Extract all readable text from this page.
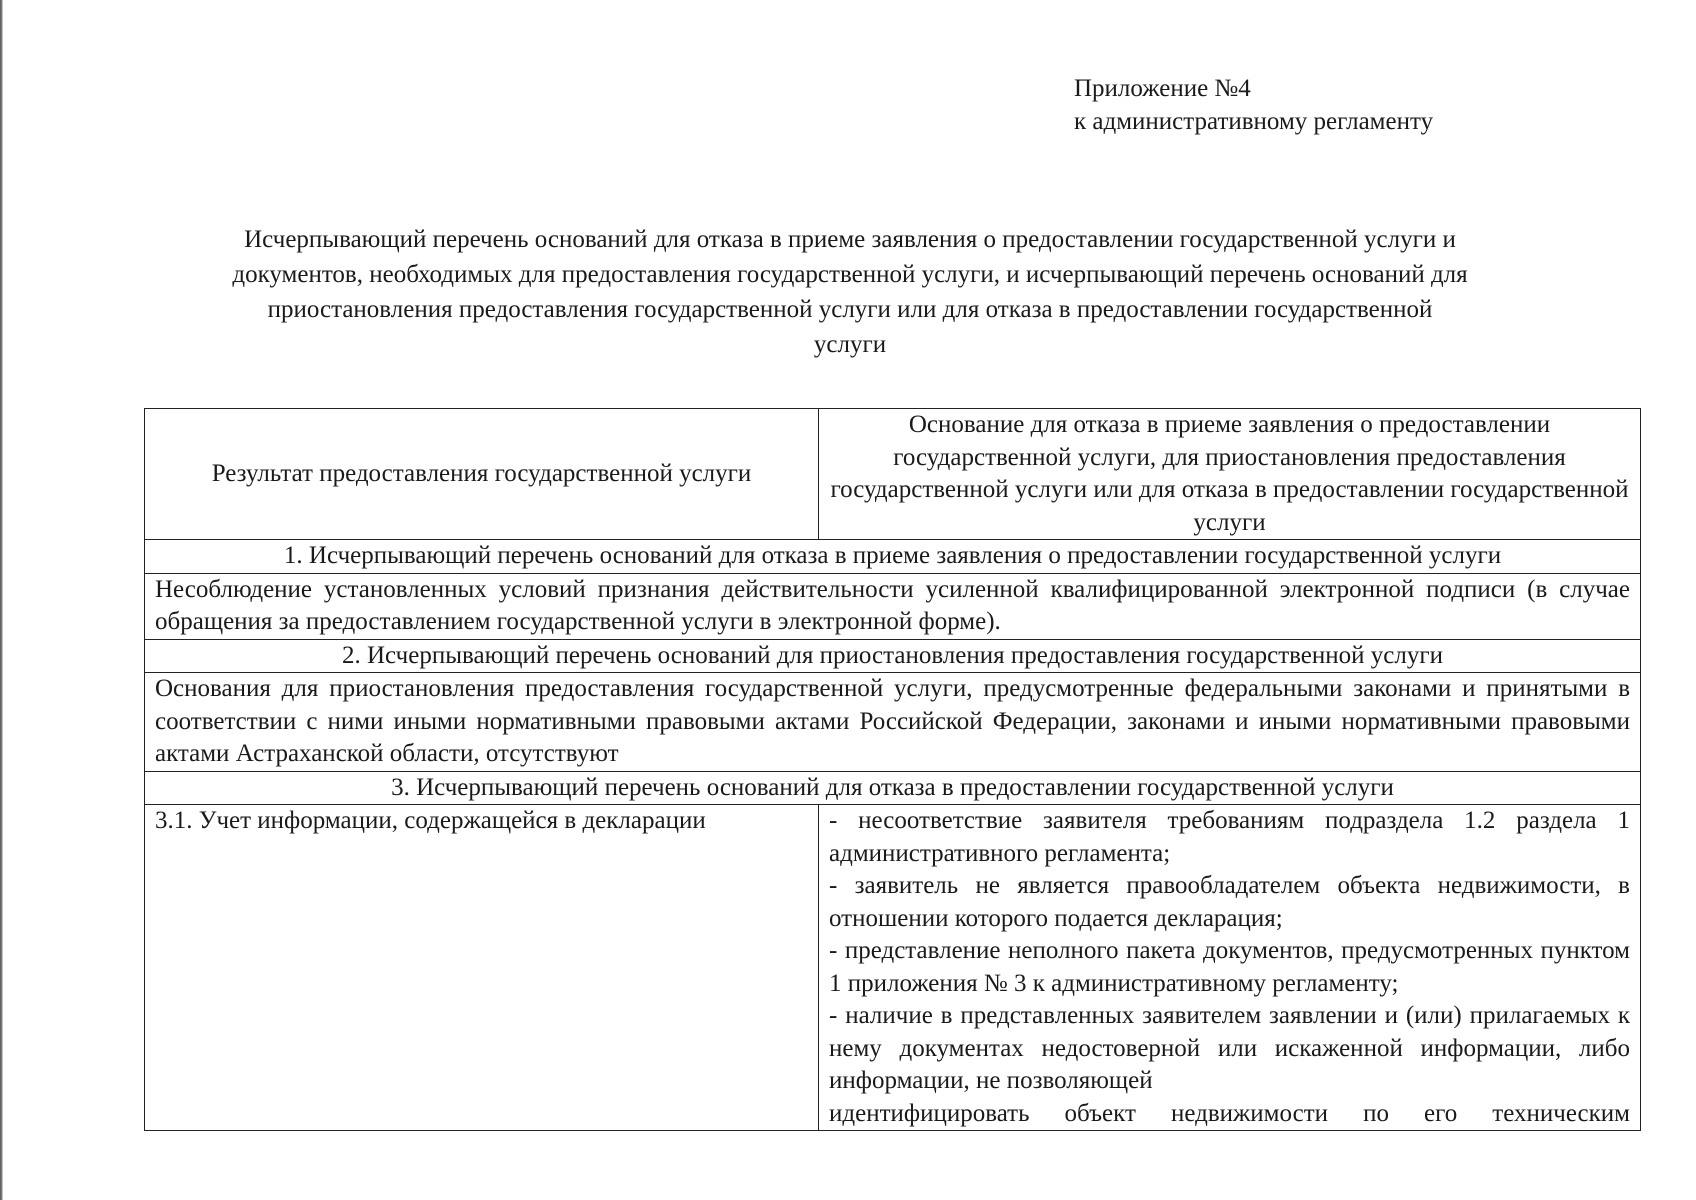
Приложение №4
к административному регламенту
Исчерпывающий перечень оснований для отказа в приеме заявления о предоставлении государственной услуги и
документов, необходимых для предоставления государственной услуги, и исчерпывающий перечень оснований для
приостановления предоставления государственной услуги или для отказа в предоставлении государственной
услуги
Результат предоставления государственной услуги	Основание для отказа в приеме заявления о предоставлении государственной услуги, для приостановления предоставления государственной услуги или для отказа в предоставлении государственной услуги
1. Исчерпывающий перечень оснований для отказа в приеме заявления о предоставлении государственной услуги	
Несоблюдение установленных условий признания действительности усиленной квалифицированной электронной подписи (в случае обращения за предоставлением государственной услуги в электронной форме).	
2. Исчерпывающий перечень оснований для приостановления предоставления государственной услуги	
Основания для приостановления предоставления государственной услуги, предусмотренные федеральными законами и принятыми в соответствии с ними иными нормативными правовыми актами Российской Федерации, законами и иными нормативными правовыми актами Астраханской области, отсутствуют	
3. Исчерпывающий перечень оснований для отказа в предоставлении государственной услуги	
3.1. Учет информации, содержащейся в декларации	- несоответствие заявителя требованиям подраздела 1.2 раздела 1 административного регламента;
- заявитель не является правообладателем объекта недвижимости, в отношении которого подается декларация;
- представление неполного пакета документов, предусмотренных пунктом 1 приложения № 3 к административному регламенту;
- наличие в представленных заявителем заявлении и (или) прилагаемых к нему документах недостоверной или искаженной информации, либо информации, не позволяющей
идентифицировать объект недвижимости по его техническим
